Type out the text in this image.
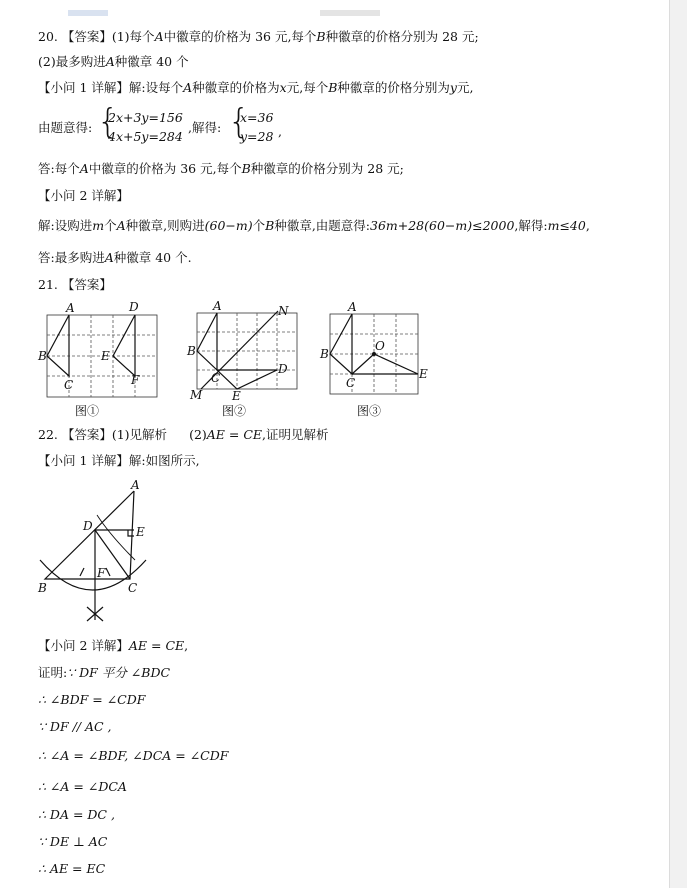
20. 【答案】(1)每个A中徽章的价格为 36 元,每个B种徽章的价格分别为 28 元;
(2)最多购进A种徽章 40 个
【小问 1 详解】解:设每个A种徽章的价格为x元,每个B种徽章的价格分别为y元,
由题意得: {
2x+3y=156
4x+5y=284
,解得: {
x=36
y=28 ,
答:每个A中徽章的价格为 36 元,每个B种徽章的价格分别为 28 元;
【小问 2 详解】
解:设购进m个A种徽章,则购进(60−m)个B种徽章,由题意得:36m+28(60−m)≤2000,解得:m≤40,
答:最多购进A种徽章 40 个.
21. 【答案】
A
B
C
D
E
F
A
B
C
D
E
N
M
A
B
C
O
E
A
D	E
F
B	C
图①	图②	图③
22. 【答案】(1)见解析 (2)AE = CE,证明见解析
【小问 1 详解】解:如图所示,
【小问 2 详解】AE = CE,
证明:∵ DF 平分 ∠BDC
∴ ∠BDF = ∠CDF
∵ DF // AC ,
∴ ∠A = ∠BDF, ∠DCA = ∠CDF
∴ ∠A = ∠DCA
∴ DA = DC ,
∵ DE ⊥ AC
∴ AE = EC
